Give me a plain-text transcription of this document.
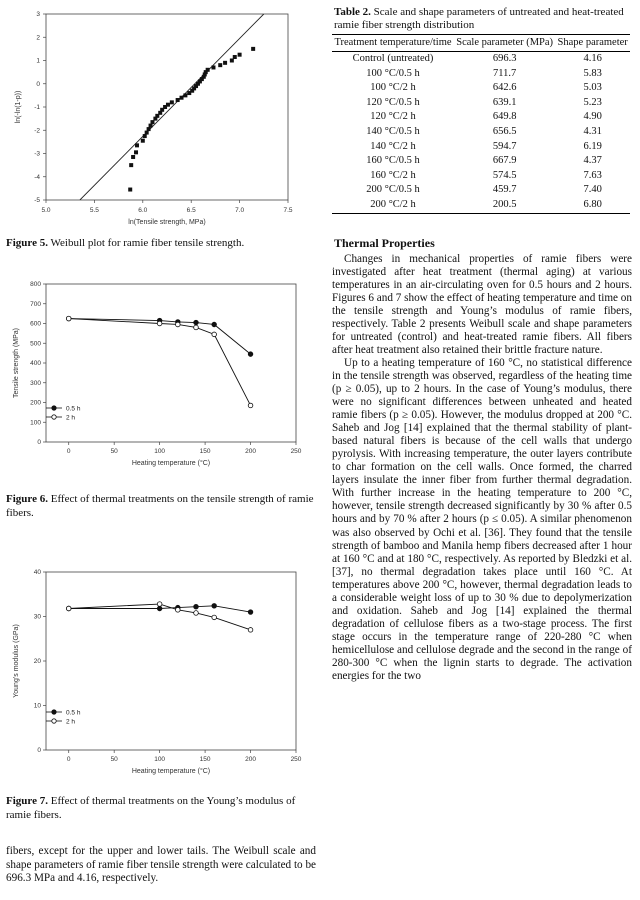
5.0	5.5	6.0	6.5	7.0	7.5
3
2
1
0
-1
-2
-3
-4
-5
ln(Tensile strength, MPa)
ln(-ln(1-p))

Figure 5. Weibull plot for ramie fiber tensile strength.

0	50	100	150	200	250
800
700
600
500
400
300
200
100
0
Heating temperature (°C)
Tensile strength (MPa)
0.5 h
2 h

Figure 6. Effect of thermal treatments on the tensile strength of ramie fibers.

0	50	100	150	200	250
40
30
20
10
0
Heating temperature (°C)
Young’s modulus (GPa)
0.5 h
2 h

Figure 7. Effect of thermal treatments on the Young’s modulus of ramie fibers.

fibers, except for the upper and lower tails. The Weibull scale and shape parameters of ramie fiber tensile strength were calculated to be 696.3 MPa and 4.16, respectively.

Table 2. Scale and shape parameters of untreated and heat-treated ramie fiber strength distribution

Treatment temperature/time	Scale parameter (MPa)	Shape parameter
Control (untreated)	696.3	4.16
100 °C/0.5 h	711.7	5.83
100 °C/2 h	642.6	5.03
120 °C/0.5 h	639.1	5.23
120 °C/2 h	649.8	4.90
140 °C/0.5 h	656.5	4.31
140 °C/2 h	594.7	6.19
160 °C/0.5 h	667.9	4.37
160 °C/2 h	574.5	7.63
200 °C/0.5 h	459.7	7.40
200 °C/2 h	200.5	6.80
Thermal Properties

Changes in mechanical properties of ramie fibers were investigated after heat treatment (thermal aging) at various temperatures in an air-circulating oven for 0.5 hours and 2 hours. Figures 6 and 7 show the effect of heating temperature and time on the tensile strength and Young’s modulus of ramie fibers, respectively. Table 2 presents Weibull scale and shape parameters for untreated (control) and heat-treated ramie fibers. All fibers after heat treatment also retained their brittle fracture nature.

Up to a heating temperature of 160 °C, no statistical difference in the tensile strength was observed, regardless of the heating time (p ≥ 0.05), up to 2 hours. In the case of Young’s modulus, there were no significant differences between unheated and heated ramie fibers (p ≥ 0.05). However, the modulus dropped at 200 °C. Saheb and Jog [14] explained that the thermal stability of plant-based natural fibers is because of the cell walls that undergo pyrolysis. With increasing temperature, the outer layers contribute to char formation on the cell walls. Once formed, the charred layers insulate the inner fiber from further thermal degradation. With further increase in the heating temperature to 200 °C, however, tensile strength decreased significantly by 30 % after 0.5 hours and by 70 % after 2 hours (p ≤ 0.05). A similar phenomenon was also observed by Ochi et al. [36]. They found that the tensile strength of bamboo and Manila hemp fibers decreased after 1 hour at 160 °C and at 180 °C, respectively. As reported by Bledzki et al. [37], no thermal degradation takes place until 160 °C. At temperatures above 200 °C, however, thermal degradation leads to a considerable weight loss of up to 30 % due to depolymerization and oxidation. Saheb and Jog [14] explained the thermal degradation of cellulose fibers as a two-stage process. The first stage occurs in the temperature range of 220-280 °C when hemicellulose and cellulose degrade and the second in the range of 280-300 °C when the lignin starts to degrade. The activation energies for the two
